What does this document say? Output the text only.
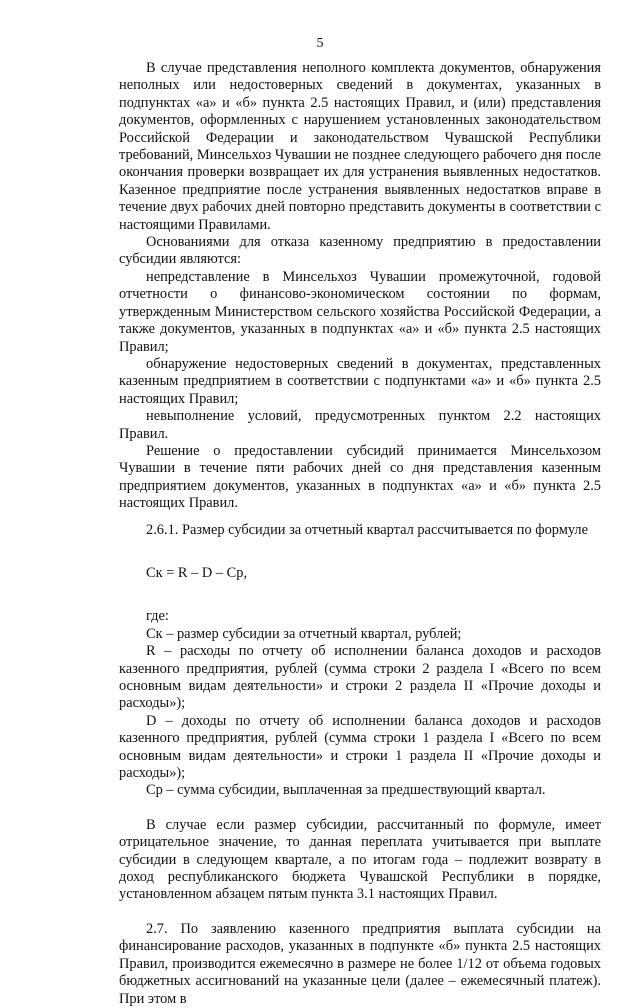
5

В случае представления неполного комплекта документов, обнаружения неполных или недостоверных сведений в документах, указанных в подпунктах «а» и «б» пункта 2.5 настоящих Правил, и (или) представления документов, оформленных с нарушением установленных законодательством Российской Федерации и законодательством Чувашской Республики требований, Минсельхоз Чувашии не позднее следующего рабочего дня после окончания проверки возвращает их для устранения выявленных недостатков. Казенное предприятие после устранения выявленных недостатков вправе в течение двух рабочих дней повторно представить документы в соответствии с настоящими Правилами.

Основаниями для отказа казенному предприятию в предоставлении субсидии являются:

непредставление в Минсельхоз Чувашии промежуточной, годовой отчетности о финансово-экономическом состоянии по формам, утвержденным Министерством сельского хозяйства Российской Федерации, а также документов, указанных в подпунктах «а» и «б» пункта 2.5 настоящих Правил;

обнаружение недостоверных сведений в документах, представленных казенным предприятием в соответствии с подпунктами «а» и «б» пункта 2.5 настоящих Правил;

невыполнение условий, предусмотренных пунктом 2.2 настоящих Правил.

Решение о предоставлении субсидий принимается Минсельхозом Чувашии в течение пяти рабочих дней со дня представления казенным предприятием документов, указанных в подпунктах «а» и «б» пункта 2.5 настоящих Правил.

2.6.1. Размер субсидии за отчетный квартал рассчитывается по формуле

Ск = R – D – Cр,

где:

Ск – размер субсидии за отчетный квартал, рублей;

R – расходы по отчету об исполнении баланса доходов и расходов казенного предприятия, рублей (сумма строки 2 раздела I «Всего по всем основным видам деятельности» и строки 2 раздела II «Прочие доходы и расходы»);

D – доходы по отчету об исполнении баланса доходов и расходов казенного предприятия, рублей (сумма строки 1 раздела I «Всего по всем основным видам деятельности» и строки 1 раздела II «Прочие доходы и расходы»);

Ср – сумма субсидии, выплаченная за предшествующий квартал.

В случае если размер субсидии, рассчитанный по формуле, имеет отрицательное значение, то данная переплата учитывается при выплате субсидии в следующем квартале, а по итогам года – подлежит возврату в доход республиканского бюджета Чувашской Республики в порядке, установленном абзацем пятым пункта 3.1 настоящих Правил.

2.7. По заявлению казенного предприятия выплата субсидии на финансирование расходов, указанных в подпункте «б» пункта 2.5 настоящих Правил, производится ежемесячно в размере не более 1/12 от объема годовых бюджетных ассигнований на указанные цели (далее – ежемесячный платеж). При этом в
